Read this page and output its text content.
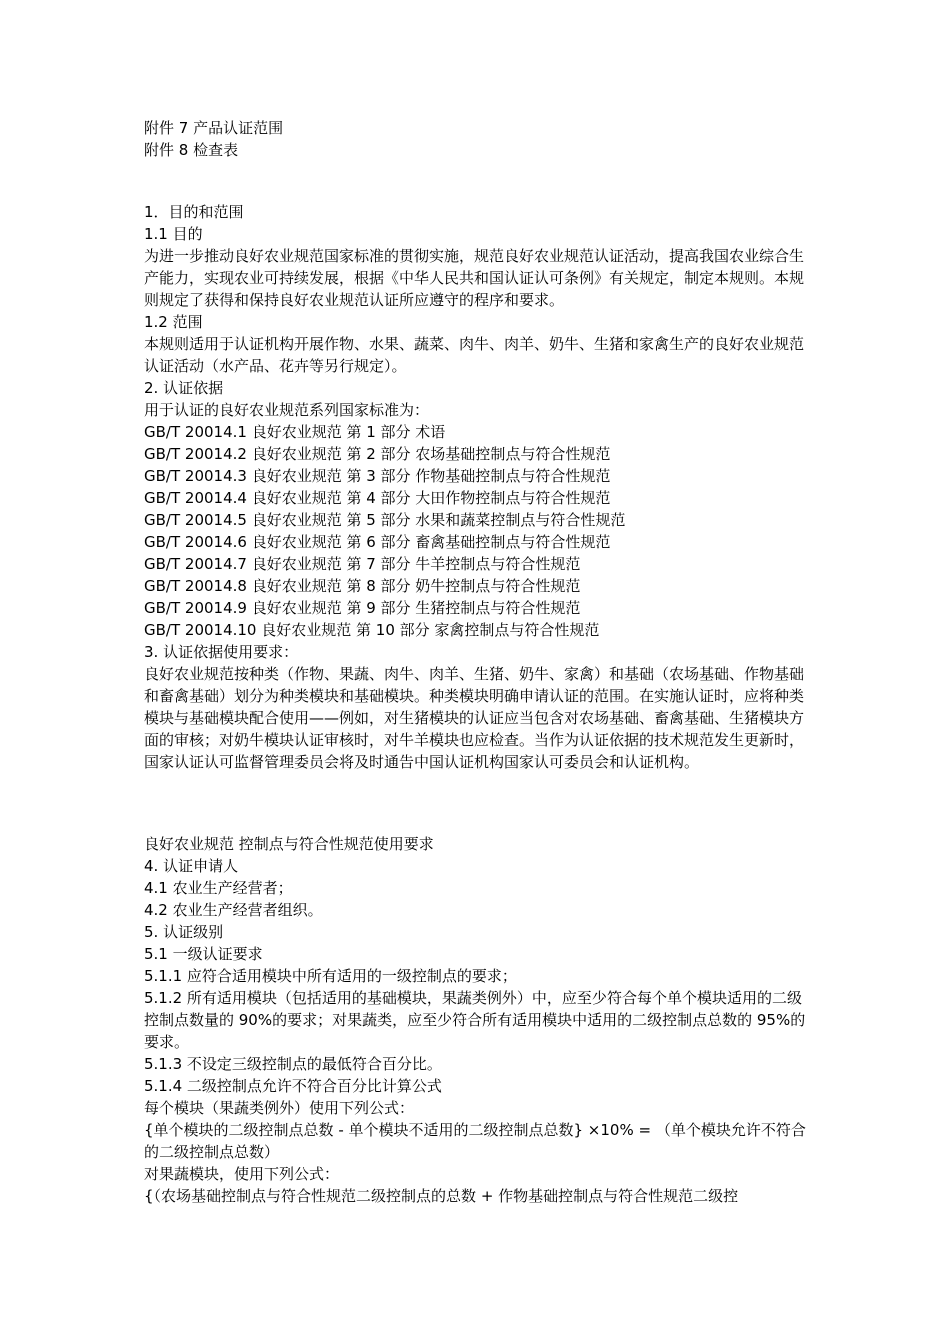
附件 7 产品认证范围

附件 8 检查表

1．目的和范围

1.1 目的

为进一步推动良好农业规范国家标准的贯彻实施，规范良好农业规范认证活动，提高我国农业综合生产能力，实现农业可持续发展，根据《中华人民共和国认证认可条例》有关规定，制定本规则。本规则规定了获得和保持良好农业规范认证所应遵守的程序和要求。

1.2 范围

本规则适用于认证机构开展作物、水果、蔬菜、肉牛、肉羊、奶牛、生猪和家禽生产的良好农业规范认证活动（水产品、花卉等另行规定）。

2. 认证依据

用于认证的良好农业规范系列国家标准为：

GB/T 20014.1 良好农业规范 第 1 部分 术语

GB/T 20014.2 良好农业规范 第 2 部分 农场基础控制点与符合性规范

GB/T 20014.3 良好农业规范 第 3 部分 作物基础控制点与符合性规范

GB/T 20014.4 良好农业规范 第 4 部分 大田作物控制点与符合性规范

GB/T 20014.5 良好农业规范 第 5 部分 水果和蔬菜控制点与符合性规范

GB/T 20014.6 良好农业规范 第 6 部分 畜禽基础控制点与符合性规范

GB/T 20014.7 良好农业规范 第 7 部分 牛羊控制点与符合性规范

GB/T 20014.8 良好农业规范 第 8 部分 奶牛控制点与符合性规范

GB/T 20014.9 良好农业规范 第 9 部分 生猪控制点与符合性规范

GB/T 20014.10 良好农业规范 第 10 部分 家禽控制点与符合性规范

3. 认证依据使用要求：

良好农业规范按种类（作物、果蔬、肉牛、肉羊、生猪、奶牛、家禽）和基础（农场基础、作物基础和畜禽基础）划分为种类模块和基础模块。种类模块明确申请认证的范围。在实施认证时，应将种类模块与基础模块配合使用——例如，对生猪模块的认证应当包含对农场基础、畜禽基础、生猪模块方面的审核；对奶牛模块认证审核时，对牛羊模块也应检查。当作为认证依据的技术规范发生更新时，国家认证认可监督管理委员会将及时通告中国认证机构国家认可委员会和认证机构。

良好农业规范 控制点与符合性规范使用要求

4. 认证申请人

4.1 农业生产经营者；

4.2 农业生产经营者组织。

5. 认证级别

5.1 一级认证要求

5.1.1 应符合适用模块中所有适用的一级控制点的要求；

5.1.2 所有适用模块（包括适用的基础模块，果蔬类例外）中，应至少符合每个单个模块适用的二级控制点数量的 90%的要求；对果蔬类，应至少符合所有适用模块中适用的二级控制点总数的 95%的要求。

5.1.3 不设定三级控制点的最低符合百分比。

5.1.4 二级控制点允许不符合百分比计算公式

每个模块（果蔬类例外）使用下列公式：

{单个模块的二级控制点总数 - 单个模块不适用的二级控制点总数} ×10% = （单个模块允许不符合的二级控制点总数）

对果蔬模块，使用下列公式：

{（农场基础控制点与符合性规范二级控制点的总数 + 作物基础控制点与符合性规范二级控
